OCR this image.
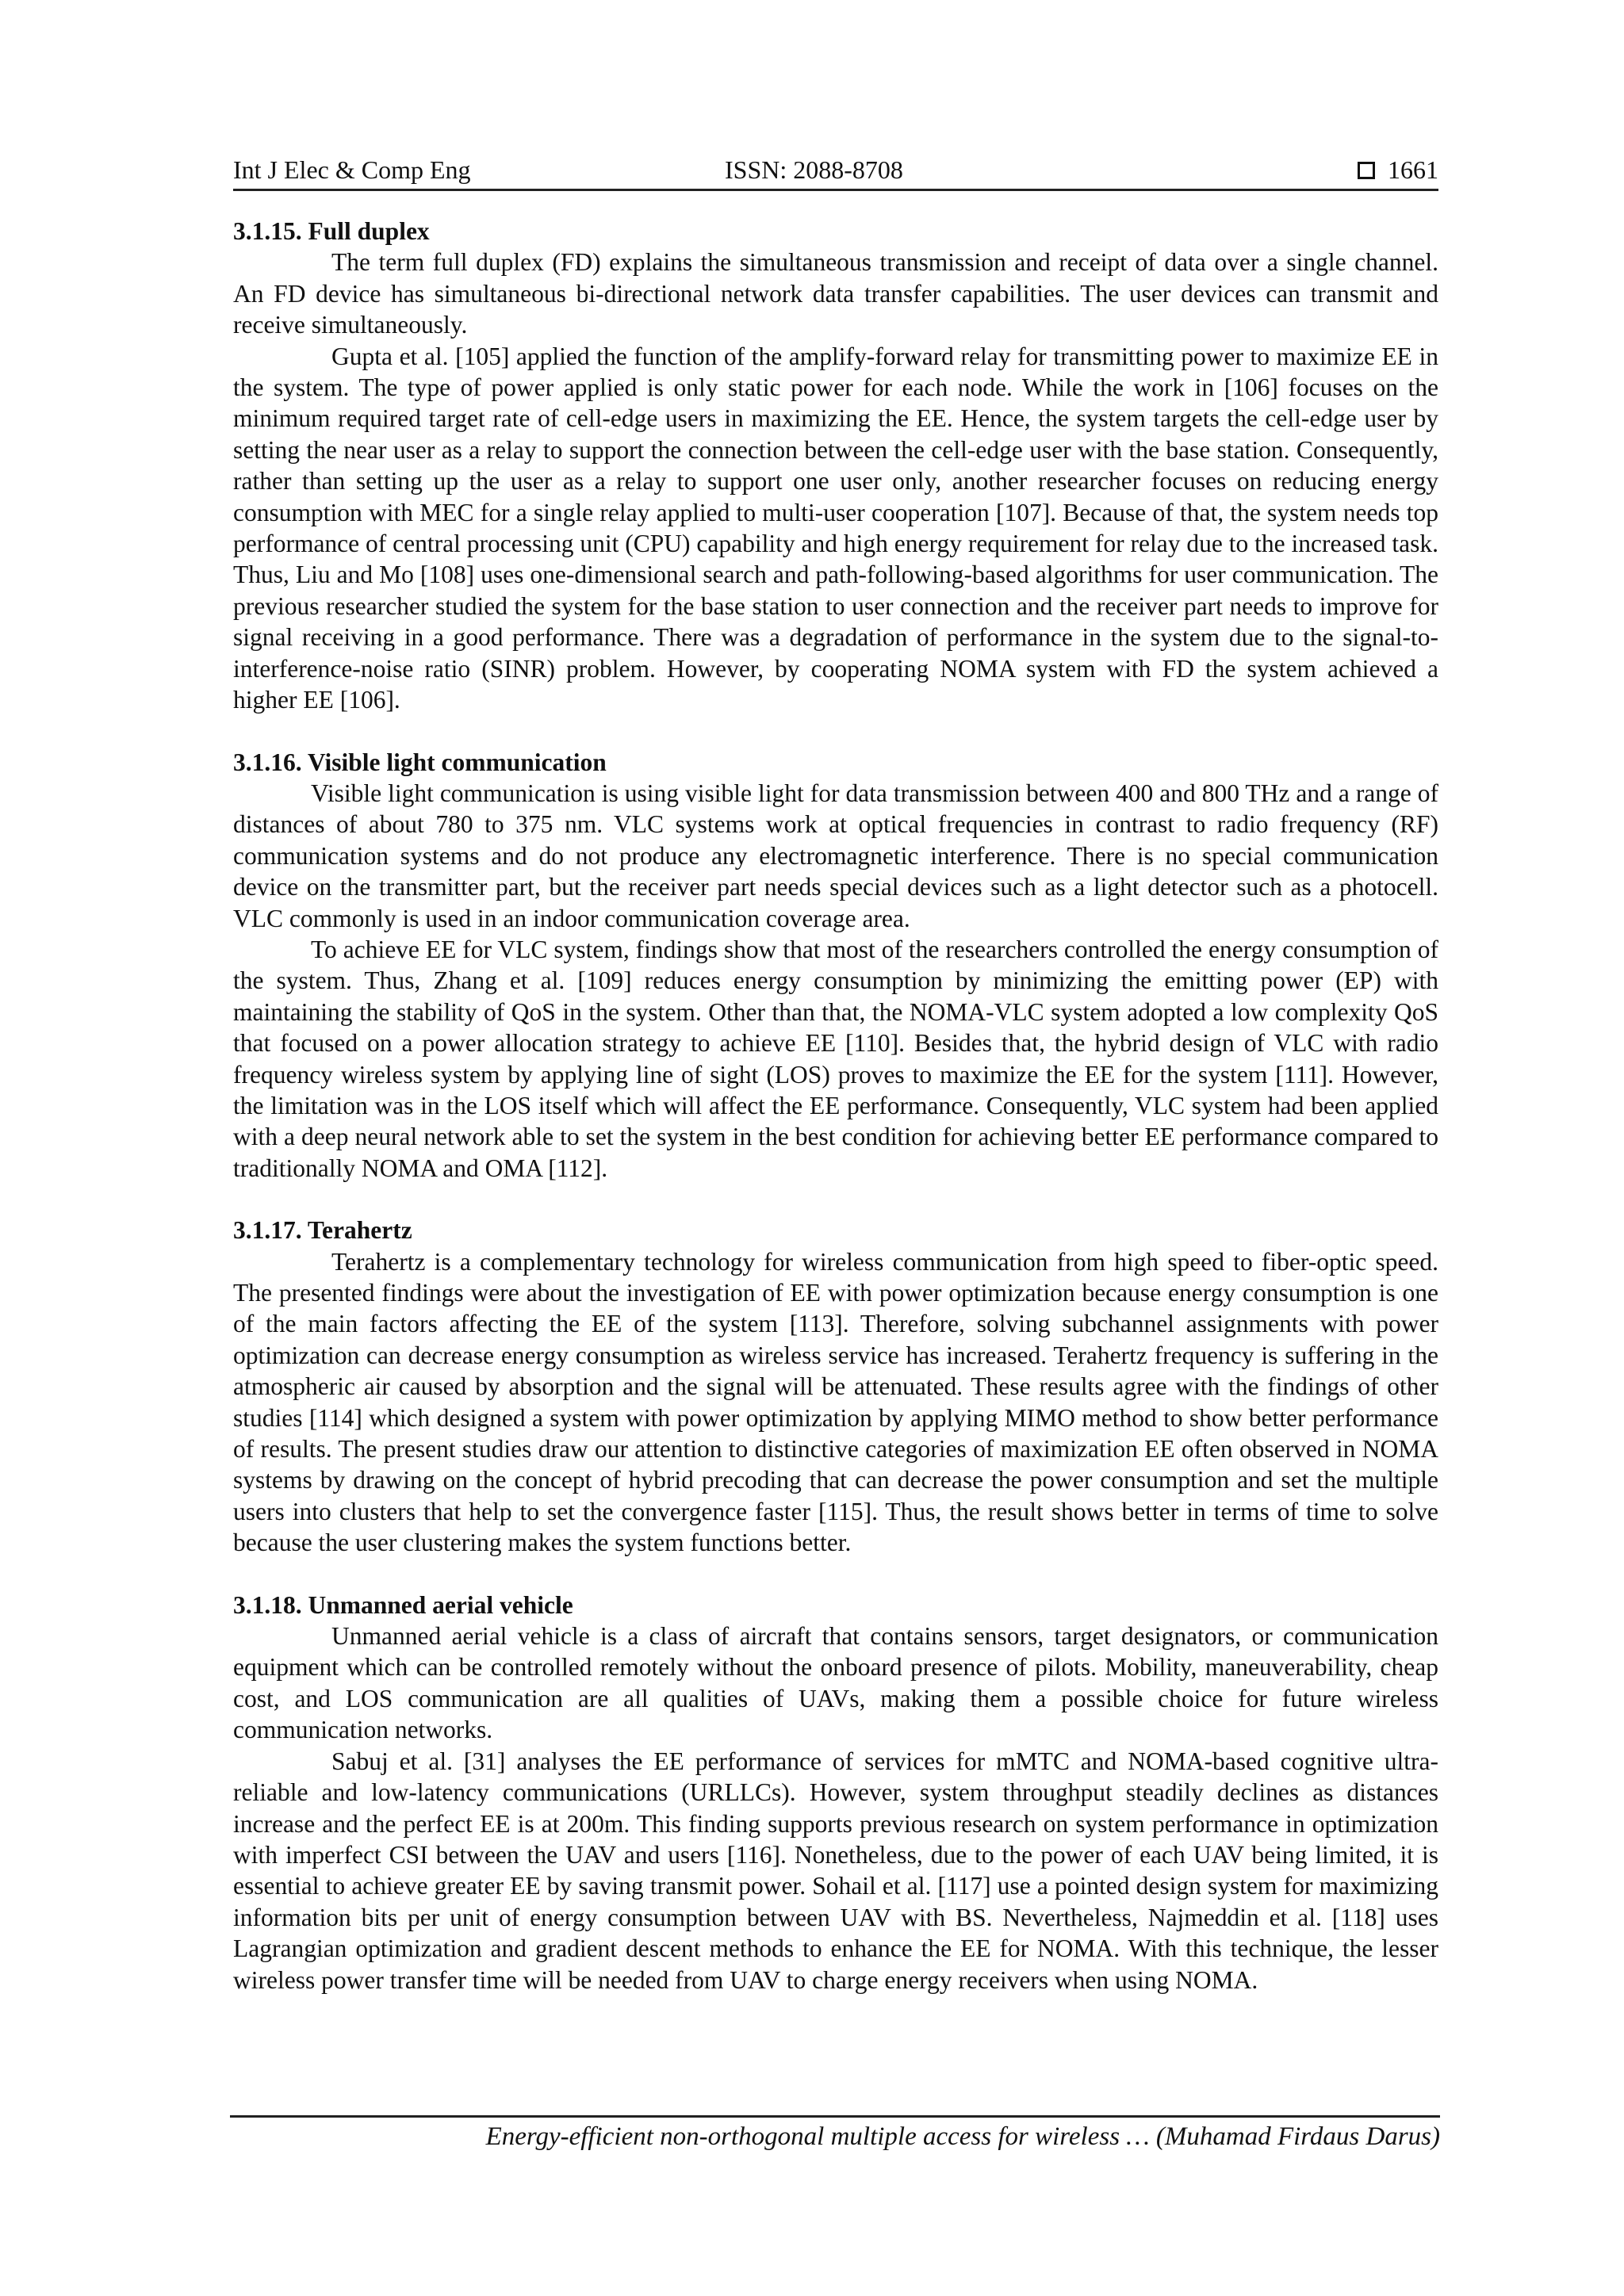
Int J Elec & Comp Eng	ISSN: 2088-8708	1661
3.1.15. Full duplex

The term full duplex (FD) explains the simultaneous transmission and receipt of data over a single channel. An FD device has simultaneous bi-directional network data transfer capabilities. The user devices can transmit and receive simultaneously.

Gupta et al. [105] applied the function of the amplify-forward relay for transmitting power to maximize EE in the system. The type of power applied is only static power for each node. While the work in [106] focuses on the minimum required target rate of cell-edge users in maximizing the EE. Hence, the system targets the cell-edge user by setting the near user as a relay to support the connection between the cell-edge user with the base station. Consequently, rather than setting up the user as a relay to support one user only, another researcher focuses on reducing energy consumption with MEC for a single relay applied to multi-user cooperation [107]. Because of that, the system needs top performance of central processing unit (CPU) capability and high energy requirement for relay due to the increased task. Thus, Liu and Mo [108] uses one-dimensional search and path-following-based algorithms for user communication. The previous researcher studied the system for the base station to user connection and the receiver part needs to improve for signal receiving in a good performance. There was a degradation of performance in the system due to the signal-to-interference-noise ratio (SINR) problem. However, by cooperating NOMA system with FD the system achieved a higher EE [106].

3.1.16. Visible light communication

Visible light communication is using visible light for data transmission between 400 and 800 THz and a range of distances of about 780 to 375 nm. VLC systems work at optical frequencies in contrast to radio frequency (RF) communication systems and do not produce any electromagnetic interference. There is no special communication device on the transmitter part, but the receiver part needs special devices such as a light detector such as a photocell. VLC commonly is used in an indoor communication coverage area.

To achieve EE for VLC system, findings show that most of the researchers controlled the energy consumption of the system. Thus, Zhang et al. [109] reduces energy consumption by minimizing the emitting power (EP) with maintaining the stability of QoS in the system. Other than that, the NOMA-VLC system adopted a low complexity QoS that focused on a power allocation strategy to achieve EE [110]. Besides that, the hybrid design of VLC with radio frequency wireless system by applying line of sight (LOS) proves to maximize the EE for the system [111]. However, the limitation was in the LOS itself which will affect the EE performance. Consequently, VLC system had been applied with a deep neural network able to set the system in the best condition for achieving better EE performance compared to traditionally NOMA and OMA [112].

3.1.17. Terahertz

Terahertz is a complementary technology for wireless communication from high speed to fiber-optic speed. The presented findings were about the investigation of EE with power optimization because energy consumption is one of the main factors affecting the EE of the system [113]. Therefore, solving subchannel assignments with power optimization can decrease energy consumption as wireless service has increased. Terahertz frequency is suffering in the atmospheric air caused by absorption and the signal will be attenuated. These results agree with the findings of other studies [114] which designed a system with power optimization by applying MIMO method to show better performance of results. The present studies draw our attention to distinctive categories of maximization EE often observed in NOMA systems by drawing on the concept of hybrid precoding that can decrease the power consumption and set the multiple users into clusters that help to set the convergence faster [115]. Thus, the result shows better in terms of time to solve because the user clustering makes the system functions better.

3.1.18. Unmanned aerial vehicle

Unmanned aerial vehicle is a class of aircraft that contains sensors, target designators, or communication equipment which can be controlled remotely without the onboard presence of pilots. Mobility, maneuverability, cheap cost, and LOS communication are all qualities of UAVs, making them a possible choice for future wireless communication networks.

Sabuj et al. [31] analyses the EE performance of services for mMTC and NOMA-based cognitive ultra-reliable and low-latency communications (URLLCs). However, system throughput steadily declines as distances increase and the perfect EE is at 200m. This finding supports previous research on system performance in optimization with imperfect CSI between the UAV and users [116]. Nonetheless, due to the power of each UAV being limited, it is essential to achieve greater EE by saving transmit power. Sohail et al. [117] use a pointed design system for maximizing information bits per unit of energy consumption between UAV with BS. Nevertheless, Najmeddin et al. [118] uses Lagrangian optimization and gradient descent methods to enhance the EE for NOMA. With this technique, the lesser wireless power transfer time will be needed from UAV to charge energy receivers when using NOMA.

Energy-efficient non-orthogonal multiple access for wireless … (Muhamad Firdaus Darus)
